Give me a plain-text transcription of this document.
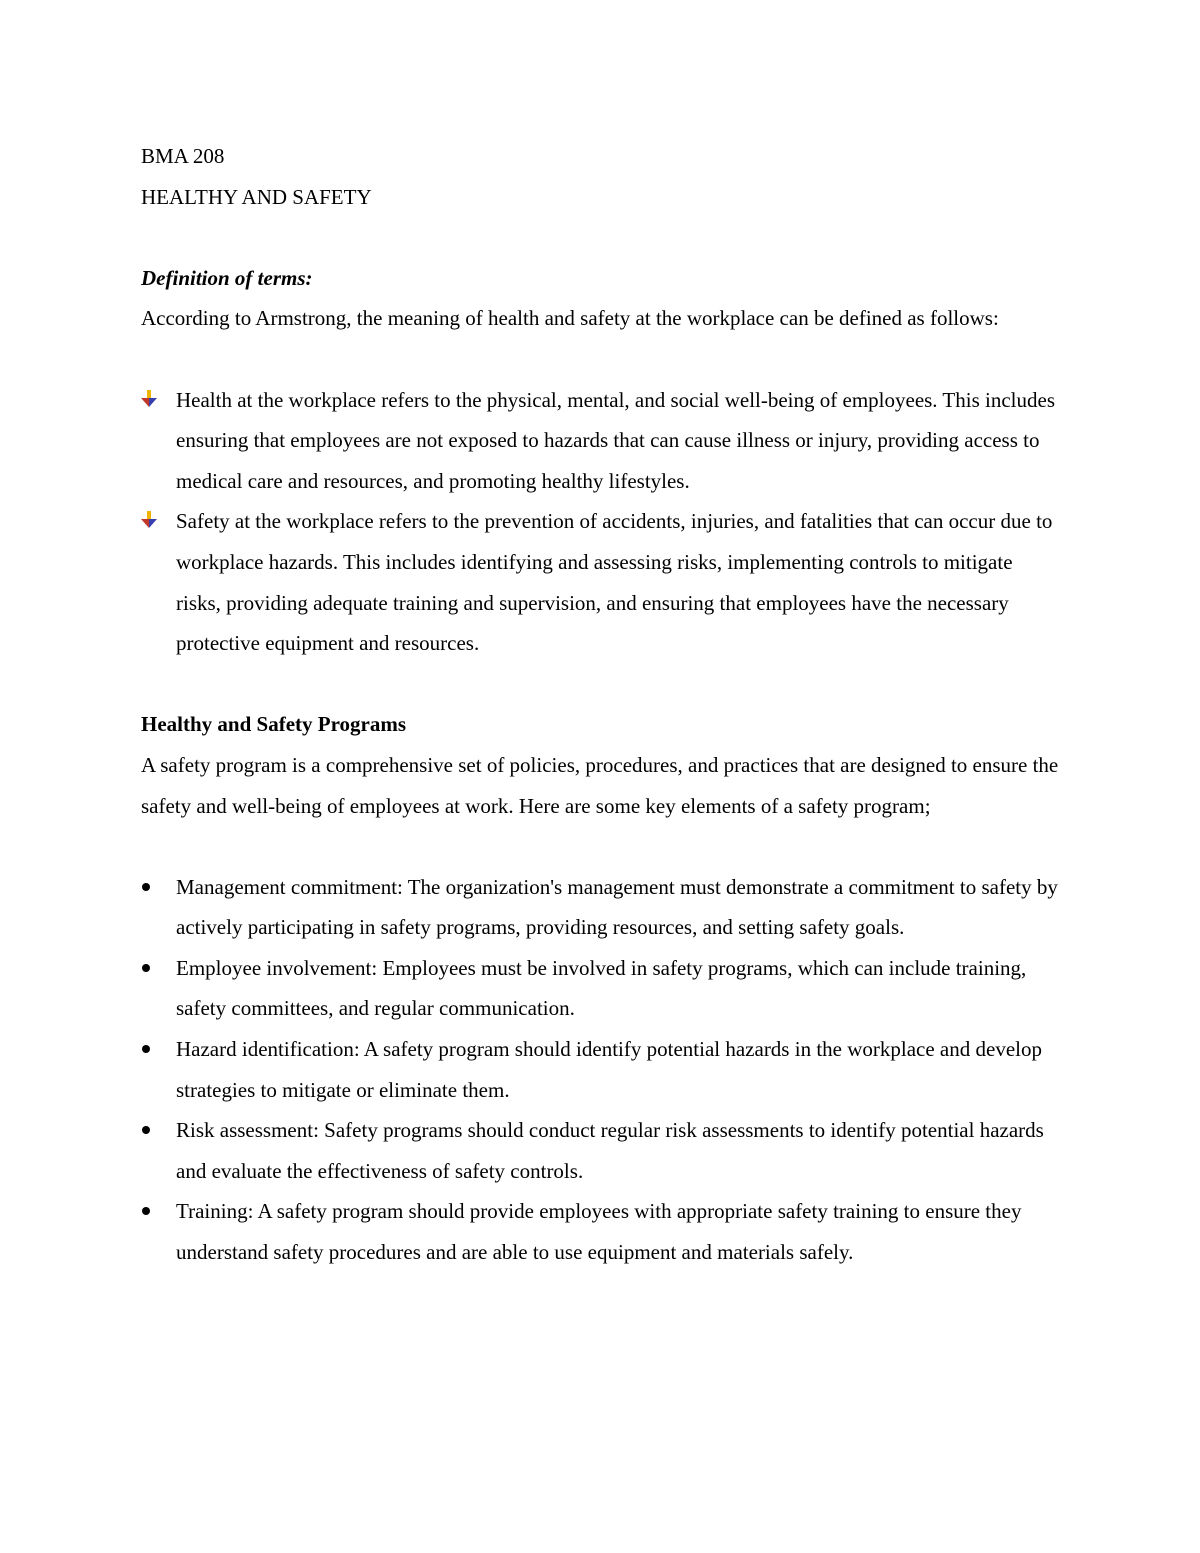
BMA 208

HEALTHY AND SAFETY

Definition of terms:

According to Armstrong, the meaning of health and safety at the workplace can be defined as follows:

Health at the workplace refers to the physical, mental, and social well-being of employees. This includes ensuring that employees are not exposed to hazards that can cause illness or injury, providing access to medical care and resources, and promoting healthy lifestyles.
Safety at the workplace refers to the prevention of accidents, injuries, and fatalities that can occur due to workplace hazards. This includes identifying and assessing risks, implementing controls to mitigate risks, providing adequate training and supervision, and ensuring that employees have the necessary protective equipment and resources.

Healthy and Safety Programs

A safety program is a comprehensive set of policies, procedures, and practices that are designed to ensure the safety and well-being of employees at work. Here are some key elements of a safety program;

Management commitment: The organization's management must demonstrate a commitment to safety by actively participating in safety programs, providing resources, and setting safety goals.
Employee involvement: Employees must be involved in safety programs, which can include training, safety committees, and regular communication.
Hazard identification: A safety program should identify potential hazards in the workplace and develop strategies to mitigate or eliminate them.
Risk assessment: Safety programs should conduct regular risk assessments to identify potential hazards and evaluate the effectiveness of safety controls.
Training: A safety program should provide employees with appropriate safety training to ensure they understand safety procedures and are able to use equipment and materials safely.
